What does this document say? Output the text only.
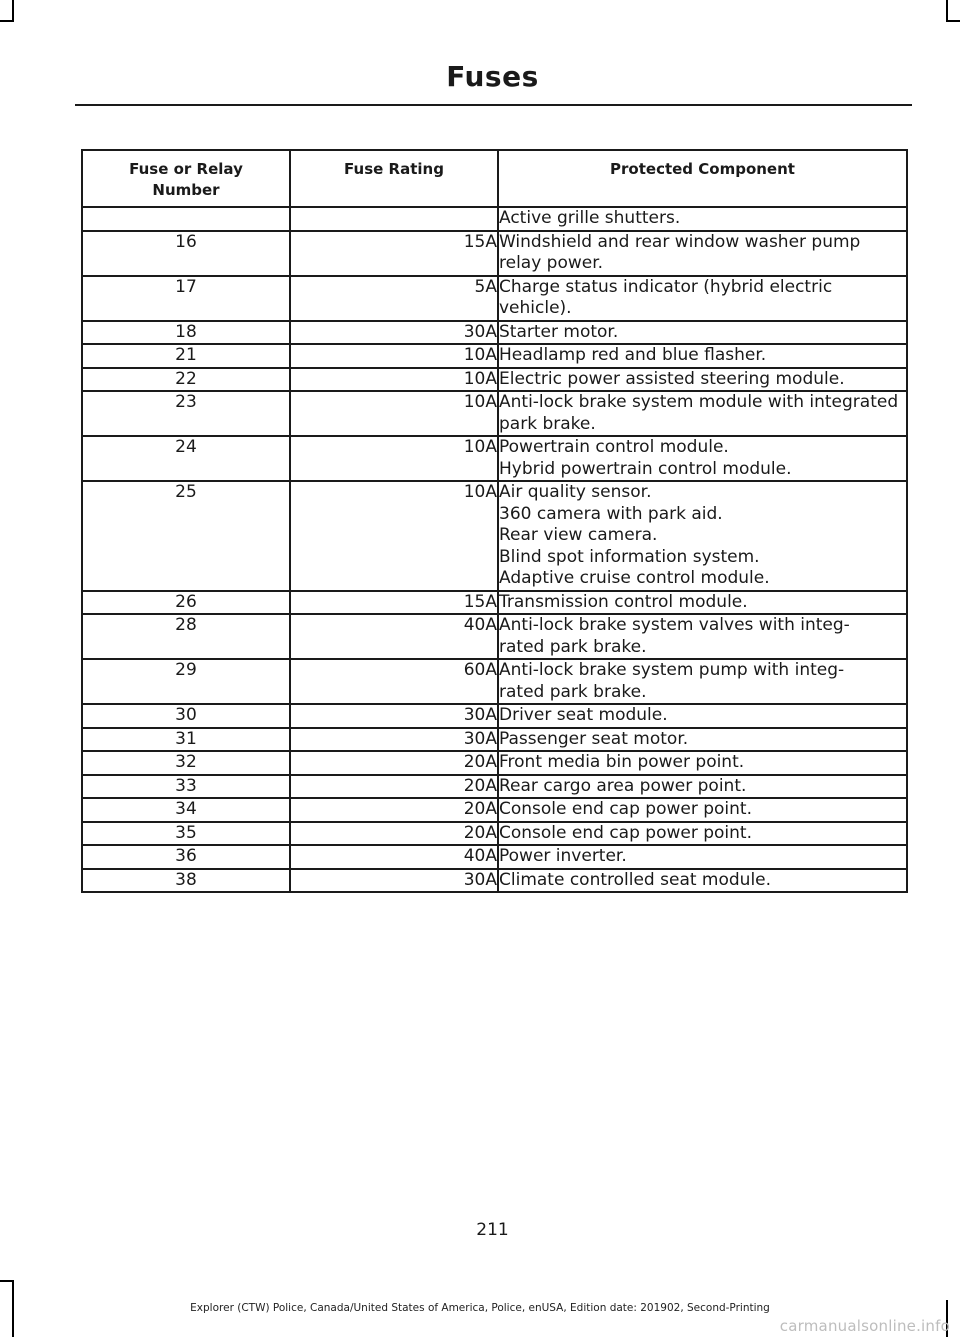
Fuses
Fuse or Relay Number	Fuse Rating	Protected Component
		Active grille shutters.
16	15A	Windshield and rear window washer pump relay power.
17	5A	Charge status indicator (hybrid electric vehicle).
18	30A	Starter motor.
21	10A	Headlamp red and blue flasher.
22	10A	Electric power assisted steering module.
23	10A	Anti-lock brake system module with integrated park brake.
24	10A	Powertrain control module.
Hybrid powertrain control module.
25	10A	Air quality sensor.
360 camera with park aid.
Rear view camera.
Blind spot information system.
Adaptive cruise control module.
26	15A	Transmission control module.
28	40A	Anti-lock brake system valves with integ-
rated park brake.
29	60A	Anti-lock brake system pump with integ-
rated park brake.
30	30A	Driver seat module.
31	30A	Passenger seat motor.
32	20A	Front media bin power point.
33	20A	Rear cargo area power point.
34	20A	Console end cap power point.
35	20A	Console end cap power point.
36	40A	Power inverter.
38	30A	Climate controlled seat module.
211
Explorer (CTW) Police, Canada/United States of America, Police, enUSA, Edition date: 201902, Second-Printing
carmanualsonline.info
